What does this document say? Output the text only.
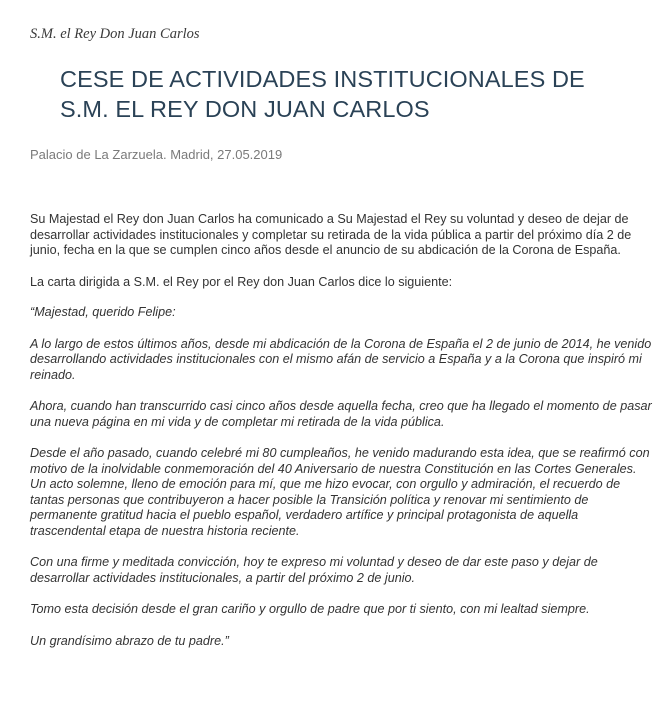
S.M. el Rey Don Juan Carlos
CESE DE ACTIVIDADES INSTITUCIONALES DE
S.M. EL REY DON JUAN CARLOS
Palacio de La Zarzuela. Madrid, 27.05.2019

Su Majestad el Rey don Juan Carlos ha comunicado a Su Majestad el Rey su voluntad y deseo de dejar de desarrollar actividades institucionales y completar su retirada de la vida pública a partir del próximo día 2 de junio, fecha en la que se cumplen cinco años desde el anuncio de su abdicación de la Corona de España.

La carta dirigida a S.M. el Rey por el Rey don Juan Carlos dice lo siguiente:

“Majestad, querido Felipe:

A lo largo de estos últimos años, desde mi abdicación de la Corona de España el 2 de junio de 2014, he venido desarrollando actividades institucionales con el mismo afán de servicio a España y a la Corona que inspiró mi reinado.

Ahora, cuando han transcurrido casi cinco años desde aquella fecha, creo que ha llegado el momento de pasar una nueva página en mi vida y de completar mi retirada de la vida pública.

Desde el año pasado, cuando celebré mi 80 cumpleaños, he venido madurando esta idea, que se reafirmó con motivo de la inolvidable conmemoración del 40 Aniversario de nuestra Constitución en las Cortes Generales. Un acto solemne, lleno de emoción para mí, que me hizo evocar, con orgullo y admiración, el recuerdo de tantas personas que contribuyeron a hacer posible la Transición política y renovar mi sentimiento de permanente gratitud hacia el pueblo español, verdadero artífice y principal protagonista de aquella trascendental etapa de nuestra historia reciente.

Con una firme y meditada convicción, hoy te expreso mi voluntad y deseo de dar este paso y dejar de desarrollar actividades institucionales, a partir del próximo 2 de junio.

Tomo esta decisión desde el gran cariño y orgullo de padre que por ti siento, con mi lealtad siempre.

Un grandísimo abrazo de tu padre.”
